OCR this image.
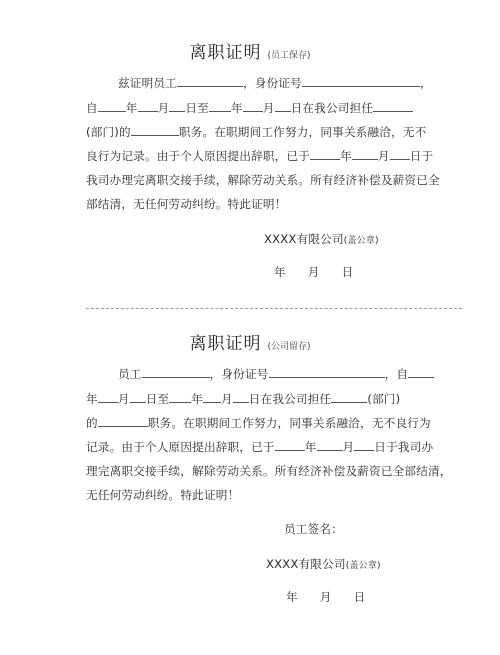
离职证明 (员工保存)
兹证明员工	，身份证号	，
自 年 月 日至 年 月 日在我公司担任
(部门)的	职务。在职期间工作努力，同事关系融洽，无不
良行为记录。由于个人原因提出辞职，已于	年 月 日于
我司办理完离职交接手续，解除劳动关系。所有经济补偿及薪资已全
部结清，无任何劳动纠纷。特此证明！
XXXX有限公司(盖公章)
年 月 日
离职证明 (公司留存)
员工	，身份证号	，自
年 月 日至 年 月 日在我公司担任	(部门)
的	职务。在职期间工作努力，同事关系融洽，无不良行为
记录。由于个人原因提出辞职，已于	年 月 日于我司办
理完离职交接手续，解除劳动关系。所有经济补偿及薪资已全部结清，
无任何劳动纠纷。特此证明！
员工签名：
XXXX有限公司(盖公章)
年 月 日
